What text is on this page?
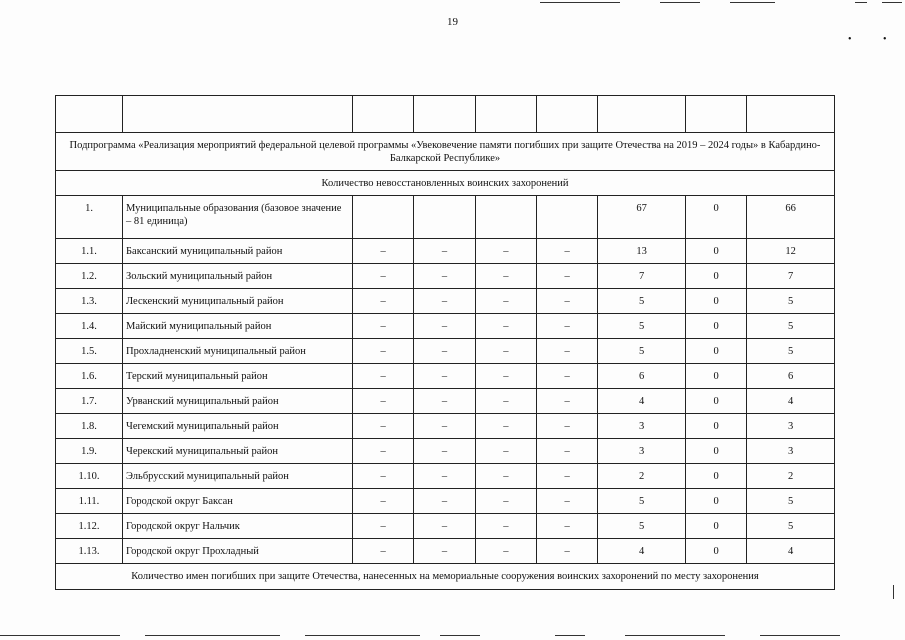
19
•	•

Подпрограмма «Реализация мероприятий федеральной целевой программы «Увековечение памяти погибших при защите Отечества на 2019 – 2024 годы» в Кабардино-Балкарской Республике»								
Количество невосстановленных воинских захоронений								
1.	Муниципальные образования (базовое значение – 81 единица)					67	0	66
1.1.	Баксанский муниципальный район	–	–	–	–	13	0	12
1.2.	Зольский муниципальный район	–	–	–	–	7	0	7
1.3.	Лескенский муниципальный район	–	–	–	–	5	0	5
1.4.	Майский муниципальный район	–	–	–	–	5	0	5
1.5.	Прохладненский муниципальный район	–	–	–	–	5	0	5
1.6.	Терский муниципальный район	–	–	–	–	6	0	6
1.7.	Урванский муниципальный район	–	–	–	–	4	0	4
1.8.	Чегемский муниципальный район	–	–	–	–	3	0	3
1.9.	Черекский муниципальный район	–	–	–	–	3	0	3
1.10.	Эльбрусский муниципальный район	–	–	–	–	2	0	2
1.11.	Городской округ Баксан	–	–	–	–	5	0	5
1.12.	Городской округ Нальчик	–	–	–	–	5	0	5
1.13.	Городской округ Прохладный	–	–	–	–	4	0	4
Количество имен погибших при защите Отечества, нанесенных на мемориальные сооружения воинских захоронений по месту захоронения								
